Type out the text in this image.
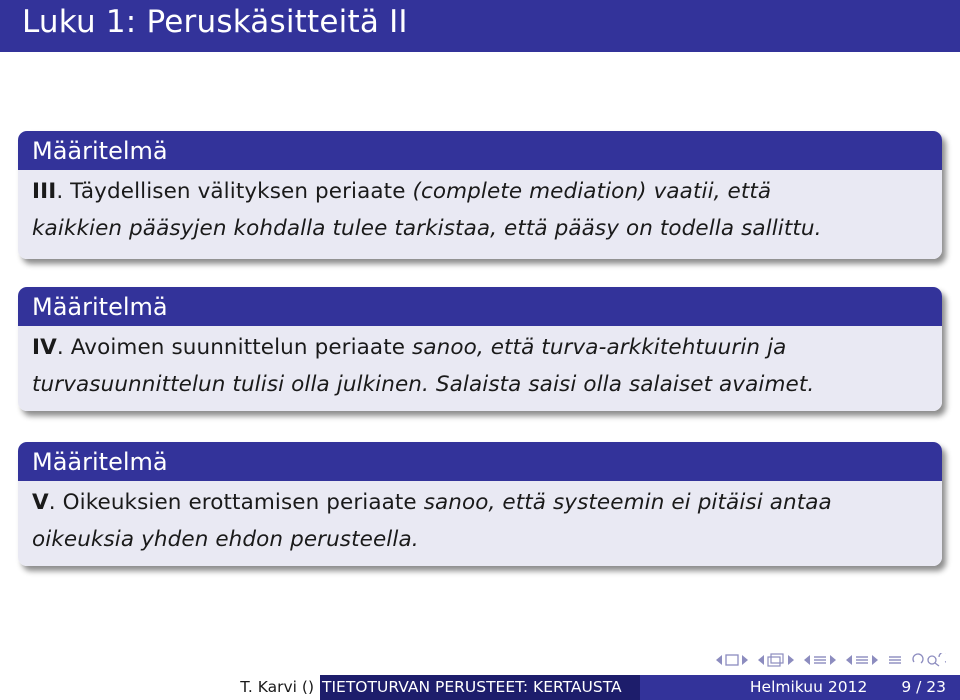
Luku 1: Peruskäsitteitä II
Määritelmä
III. Täydellisen välityksen periaate (complete mediation) vaatii, että
kaikkien pääsyjen kohdalla tulee tarkistaa, että pääsy on todella sallittu.
Määritelmä
IV. Avoimen suunnittelun periaate sanoo, että turva-arkkitehtuurin ja
turvasuunnittelun tulisi olla julkinen. Salaista saisi olla salaiset avaimet.
Määritelmä
V. Oikeuksien erottamisen periaate sanoo, että systeemin ei pitäisi antaa
oikeuksia yhden ehdon perusteella.
T. Karvi () TIETOTURVAN PERUSTEET: KERTAUSTA	Helmikuu 2012 9 / 23
